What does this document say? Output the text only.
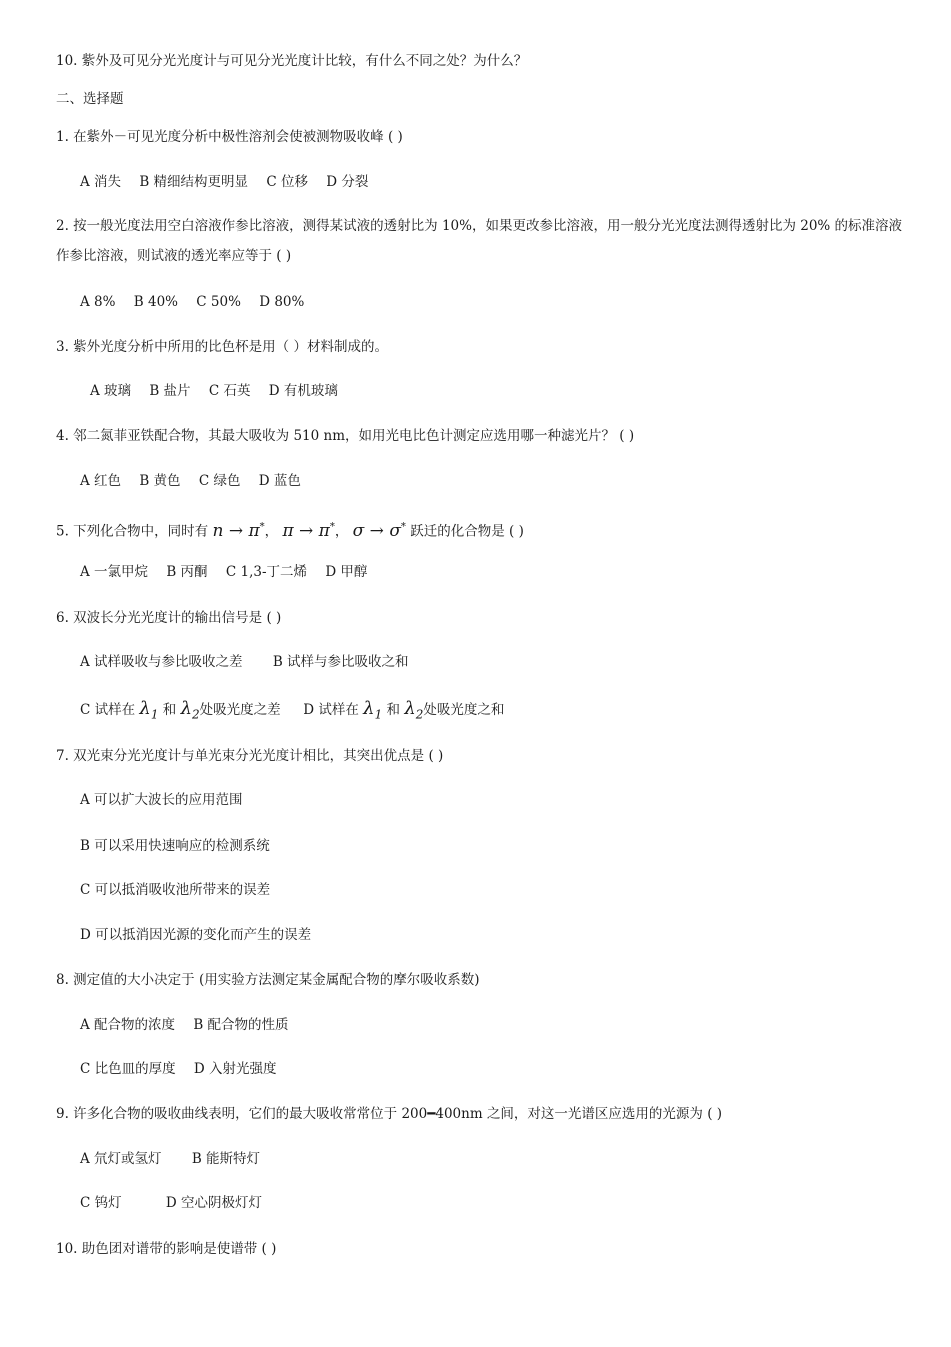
10. 紫外及可见分光光度计与可见分光光度计比较，有什么不同之处？为什么？
二、选择题
1. 在紫外－可见光度分析中极性溶剂会使被测物吸收峰 ( )
A 消失 B 精细结构更明显 C 位移 D 分裂
2. 按一般光度法用空白溶液作参比溶液，测得某试液的透射比为 10%，如果更改参比溶液，用一般分光光度法测得透射比为 20% 的标准溶液作参比溶液，则试液的透光率应等于 ( )
A 8% B 40% C 50% D 80%
3. 紫外光度分析中所用的比色杯是用（ ）材料制成的。
A 玻璃 B 盐片 C 石英 D 有机玻璃
4. 邻二氮菲亚铁配合物，其最大吸收为 510 nm，如用光电比色计测定应选用哪一种滤光片？ ( )
A 红色 B 黄色 C 绿色 D 蓝色
5. 下列化合物中，同时有 n → π*， π → π*， σ → σ* 跃迁的化合物是 ( )
A 一氯甲烷 B 丙酮 C 1,3-丁二烯 D 甲醇
6. 双波长分光光度计的输出信号是 ( )
A 试样吸收与参比吸收之差 B 试样与参比吸收之和
C 试样在 $\lambda_1$ 和 $\lambda_2$处吸光度之差 D 试样在 $\lambda_1$ 和 $\lambda_2$处吸光度之和
7. 双光束分光光度计与单光束分光光度计相比，其突出优点是 ( )
A 可以扩大波长的应用范围
B 可以采用快速响应的检测系统
C 可以抵消吸收池所带来的误差
D 可以抵消因光源的变化而产生的误差
8. 测定值的大小决定于 (用实验方法测定某金属配合物的摩尔吸收系数)
A 配合物的浓度 B 配合物的性质
C 比色皿的厚度 D 入射光强度
9. 许多化合物的吸收曲线表明，它们的最大吸收常常位于 200━400nm 之间，对这一光谱区应选用的光源为 ( )
A 氘灯或氢灯 B 能斯特灯
C 钨灯	D 空心阴极灯灯
10. 助色团对谱带的影响是使谱带 ( )
